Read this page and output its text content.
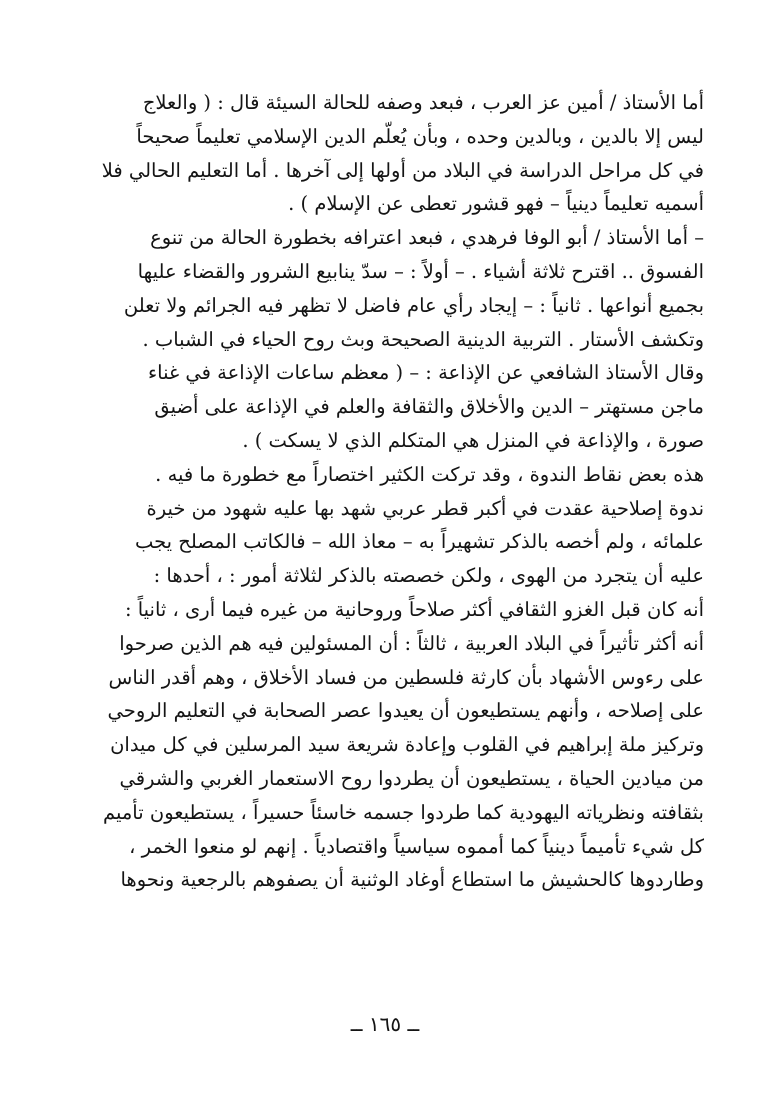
أما الأستاذ / أمين عز العرب ، فبعد وصفه للحالة السيئة قال : ( والعلاج
ليس إلا بالدين ، وبالدين وحده ، وبأن يُعلّم الدين الإسلامي تعليماً صحيحاً
في كل مراحل الدراسة في البلاد من أولها إلى آخرها . أما التعليم الحالي فلا
أسميه تعليماً دينياً – فهو قشور تعطى عن الإسلام ) .
– أما الأستاذ / أبو الوفا فرهدي ، فبعد اعترافه بخطورة الحالة من تنوع
الفسوق .. اقترح ثلاثة أشياء . – أولاً : – سدّ ينابيع الشرور والقضاء عليها
بجميع أنواعها . ثانياً : – إيجاد رأي عام فاضل لا تظهر فيه الجرائم ولا تعلن
وتكشف الأستار . التربية الدينية الصحيحة وبث روح الحياء في الشباب .
وقال الأستاذ الشافعي عن الإذاعة : – ( معظم ساعات الإذاعة في غناء
ماجن مستهتر – الدين والأخلاق والثقافة والعلم في الإذاعة على أضيق
صورة ، والإذاعة في المنزل هي المتكلم الذي لا يسكت ) .
هذه بعض نقاط الندوة ، وقد تركت الكثير اختصاراً مع خطورة ما فيه .
ندوة إصلاحية عقدت في أكبر قطر عربي شهد بها عليه شهود من خيرة
علمائه ، ولم أخصه بالذكر تشهيراً به – معاذ الله – فالكاتب المصلح يجب
عليه أن يتجرد من الهوى ، ولكن خصصته بالذكر لثلاثة أمور : ، أحدها :
أنه كان قبل الغزو الثقافي أكثر صلاحاً وروحانية من غيره فيما أرى ، ثانياً :
أنه أكثر تأثيراً في البلاد العربية ، ثالثاً : أن المسئولين فيه هم الذين صرحوا
على رءوس الأشهاد بأن كارثة فلسطين من فساد الأخلاق ، وهم أقدر الناس
على إصلاحه ، وأنهم يستطيعون أن يعيدوا عصر الصحابة في التعليم الروحي
وتركيز ملة إبراهيم في القلوب وإعادة شريعة سيد المرسلين في كل ميدان
من ميادين الحياة ، يستطيعون أن يطردوا روح الاستعمار الغربي والشرقي
بثقافته ونظرياته اليهودية كما طردوا جسمه خاسئاً حسيراً ، يستطيعون تأميم
كل شيء تأميماً دينياً كما أمموه سياسياً واقتصادياً . إنهم لو منعوا الخمر ،
وطاردوها كالحشيش ما استطاع أوغاد الوثنية أن يصفوهم بالرجعية ونحوها
ــ ١٦٥ ــ
